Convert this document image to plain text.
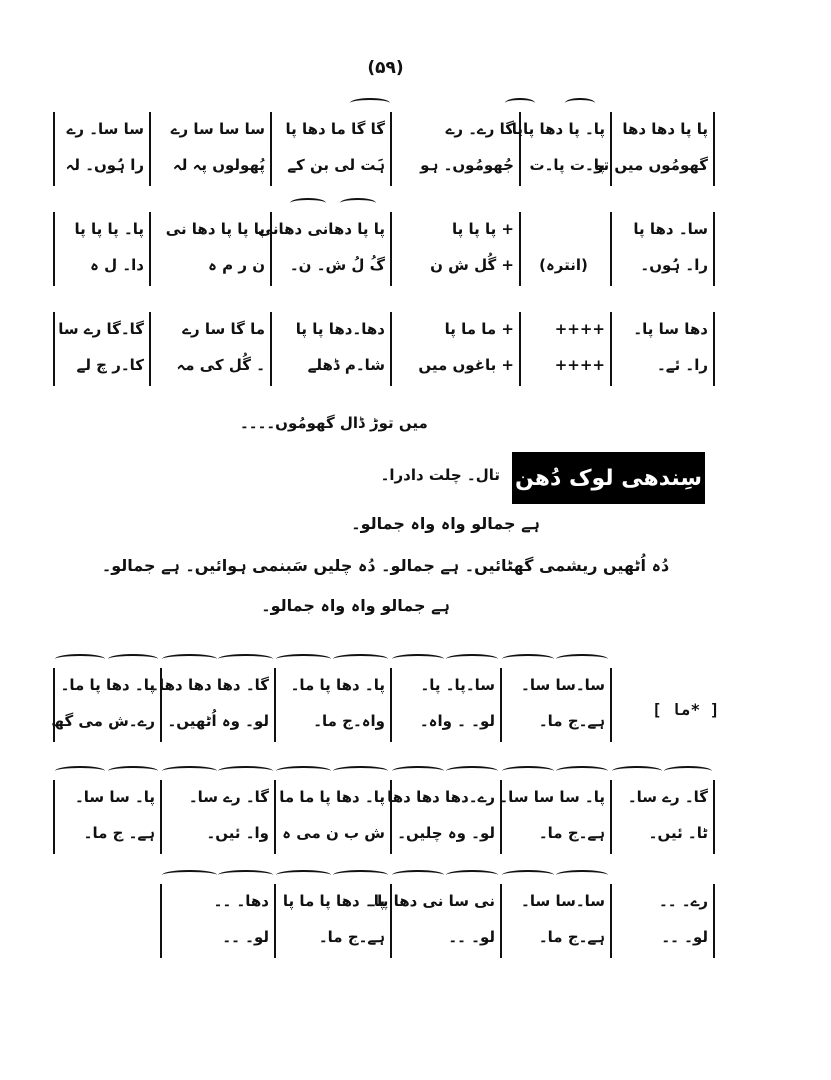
(۵۹)
پا پا دھا دھا
گھومُوں میں تو
پا۔ پا دھا پاپا
پا۔ت پا۔ت
گا رے۔ رے
جُھومُوں۔ ہو
گا گا ما دھا پا
ہَت لی بن کے
سا سا سا رے
پُھولوں پہ لہ
سا سا۔ رے
را ہُوں۔ لہ
سا۔ دھا پا
را۔ ہُوں۔
(انترہ)
+ پا پا پا
+ گُل ش ن
پا پا دھانی دھانی
گُ لُ ش۔ ن۔
پا پا پا دھا نی
ن ر م ہ
پا۔ پا پا پا
دا۔ ل ہ
دھا سا پا۔
را۔ ئے۔
++++
++++
+ ما ما پا
+ باغوں میں
دھا۔دھا پا پا
شا۔م ڈھلے
ما گا سا رے
۔ گُل کی مہ
گا۔گا رے سا
کا۔ر چ لے
میں توڑ ڈال گھومُوں۔۔۔۔
سِندھی لوک دُھن
تال۔ چلت دادرا۔
ہے جمالو واہ واہ جمالو۔
دُہ اُٹھیں ریشمی گھٹائیں۔ ہے جمالو۔ دُہ چلیں سَبنمی ہوائیں۔ ہے جمالو۔
ہے جمالو واہ واہ جمالو۔
[ ما* ]
سا۔سا سا۔
ہے۔ج ما۔
سا۔پا۔ پا۔
لو۔ ۔ واہ۔
پا۔ دھا پا ما۔
واہ۔ج ما۔
گا۔ دھا دھا دھا۔
لو۔ وہ اُٹھیں۔
پا۔ دھا پا ما۔
رے۔ش می گھ
گا۔ رے سا۔
ٹا۔ ئیں۔
پا۔ سا سا سا۔
ہے۔ج ما۔
رے۔دھا دھا دھا
لو۔ وہ چلیں۔
پا۔ دھا پا ما ما
ش ب ن می ہ
گا۔ رے سا۔
وا۔ ئیں۔
پا۔ سا سا۔
ہے۔ ج ما۔
رے۔ ۔۔
لو۔ ۔۔
سا۔سا سا۔
ہے۔ج ما۔
نی سا نی دھا پا۔
لو۔ ۔۔
پا۔ دھا پا ما پا
ہے۔ج ما۔
دھا۔ ۔۔
لو۔ ۔۔
